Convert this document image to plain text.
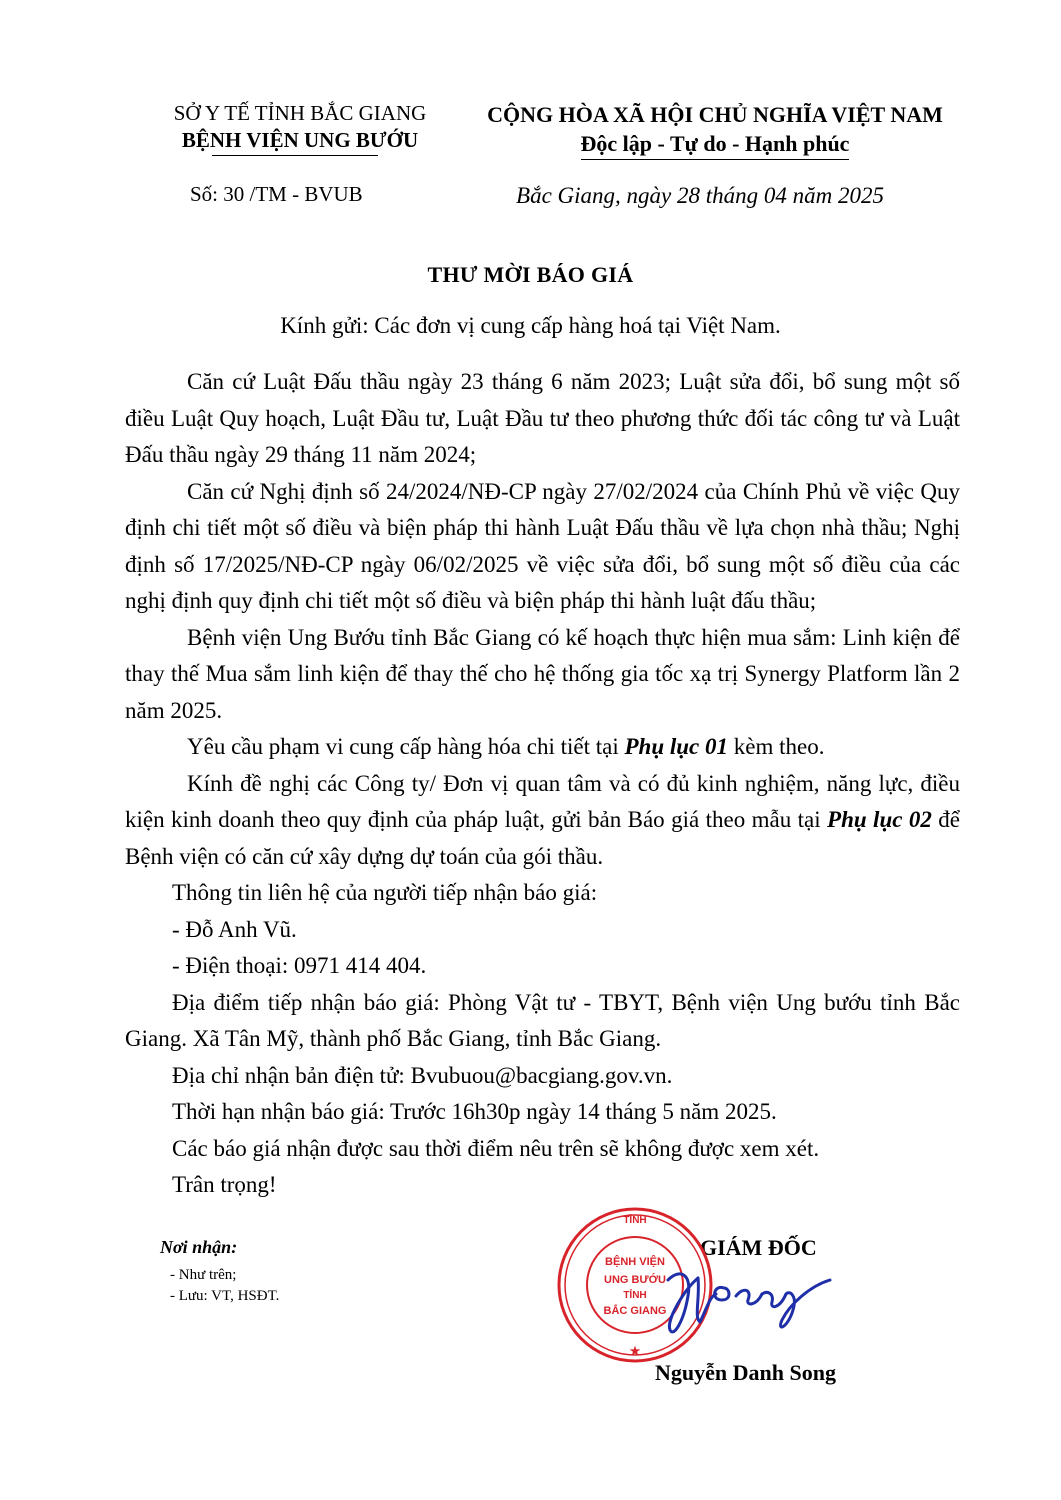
SỞ Y TẾ TỈNH BẮC GIANG
BỆNH VIỆN UNG BƯỚU
Số: 30 /TM - BVUB
CỘNG HÒA XÃ HỘI CHỦ NGHĨA VIỆT NAM
Độc lập - Tự do - Hạnh phúc
Bắc Giang, ngày 28 tháng 04 năm 2025
THƯ MỜI BÁO GIÁ
Kính gửi: Các đơn vị cung cấp hàng hoá tại Việt Nam.

Căn cứ Luật Đấu thầu ngày 23 tháng 6 năm 2023; Luật sửa đổi, bổ sung một số điều Luật Quy hoạch, Luật Đầu tư, Luật Đầu tư theo phương thức đối tác công tư và Luật Đấu thầu ngày 29 tháng 11 năm 2024;

Căn cứ Nghị định số 24/2024/NĐ-CP ngày 27/02/2024 của Chính Phủ về việc Quy định chi tiết một số điều và biện pháp thi hành Luật Đấu thầu về lựa chọn nhà thầu; Nghị định số 17/2025/NĐ-CP ngày 06/02/2025 về việc sửa đổi, bổ sung một số điều của các nghị định quy định chi tiết một số điều và biện pháp thi hành luật đấu thầu;

Bệnh viện Ung Bướu tỉnh Bắc Giang có kế hoạch thực hiện mua sắm: Linh kiện để thay thế Mua sắm linh kiện để thay thế cho hệ thống gia tốc xạ trị Synergy Platform lần 2 năm 2025.

Yêu cầu phạm vi cung cấp hàng hóa chi tiết tại Phụ lục 01 kèm theo.

Kính đề nghị các Công ty/ Đơn vị quan tâm và có đủ kinh nghiệm, năng lực, điều kiện kinh doanh theo quy định của pháp luật, gửi bản Báo giá theo mẫu tại Phụ lục 02 để Bệnh viện có căn cứ xây dựng dự toán của gói thầu.

Thông tin liên hệ của người tiếp nhận báo giá:

- Đỗ Anh Vũ.

- Điện thoại: 0971 414 404.

Địa điểm tiếp nhận báo giá: Phòng Vật tư - TBYT, Bệnh viện Ung bướu tỉnh Bắc Giang. Xã Tân Mỹ, thành phố Bắc Giang, tỉnh Bắc Giang.

Địa chỉ nhận bản điện tử: Bvubuou@bacgiang.gov.vn.

Thời hạn nhận báo giá: Trước 16h30p ngày 14 tháng 5 năm 2025.

Các báo giá nhận được sau thời điểm nêu trên sẽ không được xem xét.

Trân trọng!

Nơi nhận:
- Như trên;
- Lưu: VT, HSĐT.
GIÁM ĐỐC
TỈNH
BỆNH VIỆN
UNG BƯỚU
TỈNH
BẮC GIANG
★
Nguyễn Danh Song
